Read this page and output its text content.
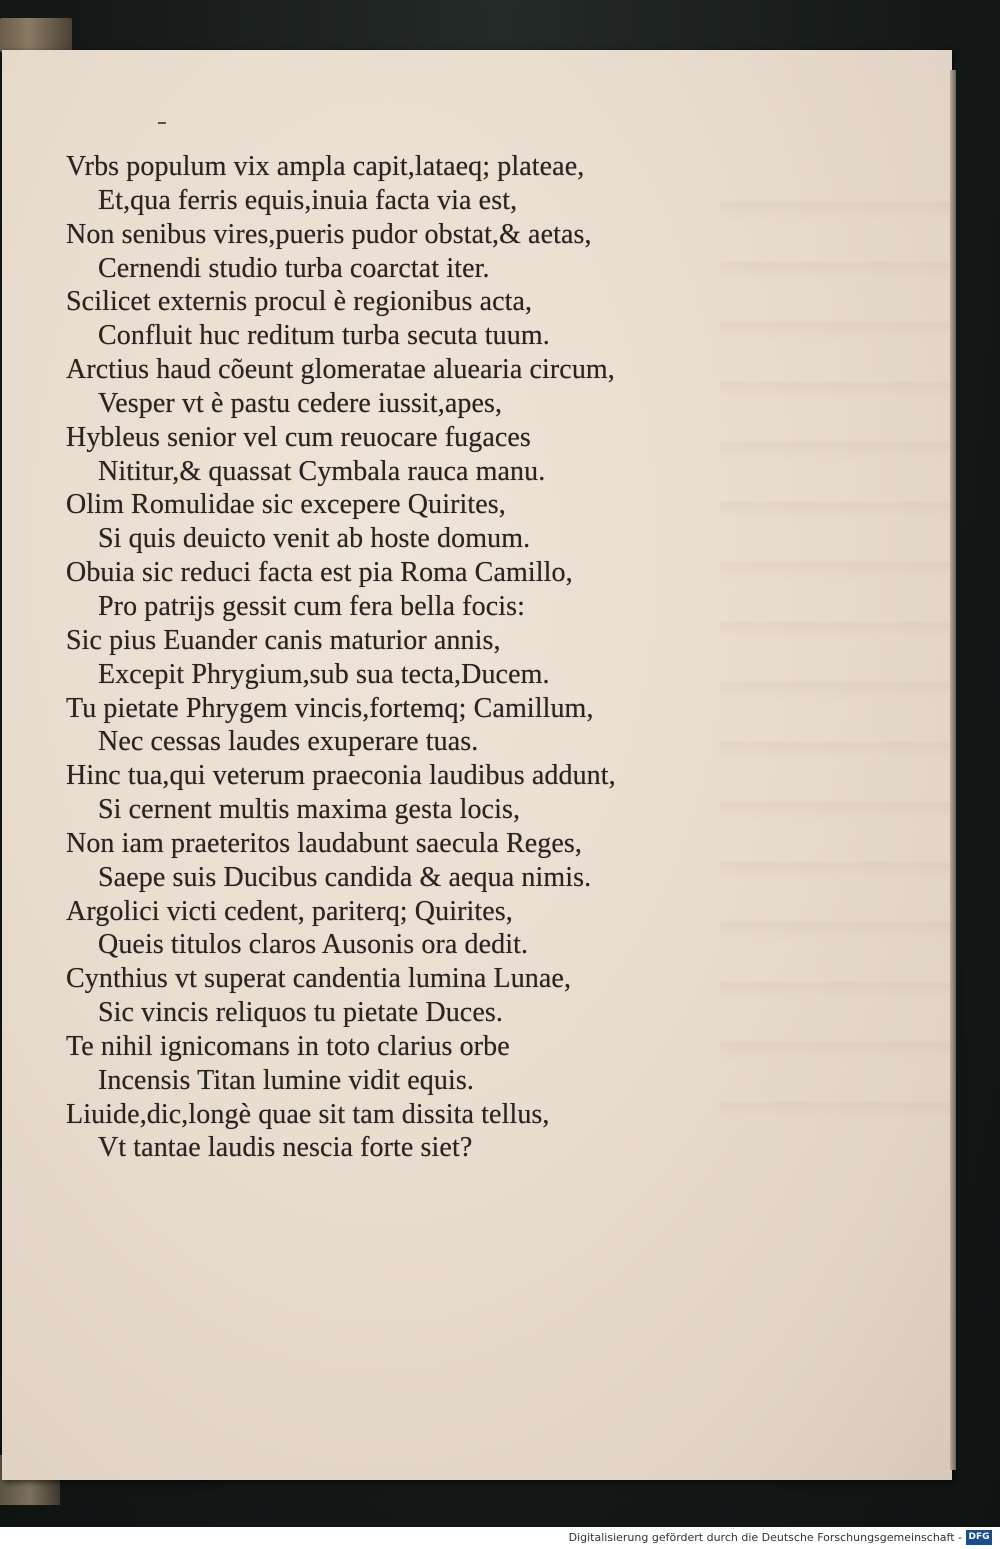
Vrbs populum vix ampla capit,lataeq; plateae,
Et,qua ferris equis,inuia facta via est,
Non senibus vires,pueris pudor obstat,& aetas,
Cernendi studio turba coarctat iter.
Scilicet externis procul è regionibus acta,
Confluit huc reditum turba secuta tuum.
Arctius haud cõeunt glomeratae aluearia circum,
Vesper vt è pastu cedere iussit,apes,
Hybleus senior vel cum reuocare fugaces
Nititur,& quassat Cymbala rauca manu.
Olim Romulidae sic excepere Quirites,
Si quis deuicto venit ab hoste domum.
Obuia sic reduci facta est pia Roma Camillo,
Pro patrijs gessit cum fera bella focis:
Sic pius Euander canis maturior annis,
Excepit Phrygium,sub sua tecta,Ducem.
Tu pietate Phrygem vincis,fortemq; Camillum,
Nec cessas laudes exuperare tuas.
Hinc tua,qui veterum praeconia laudibus addunt,
Si cernent multis maxima gesta locis,
Non iam praeteritos laudabunt saecula Reges,
Saepe suis Ducibus candida & aequa nimis.
Argolici victi cedent, pariterq; Quirites,
Queis titulos claros Ausonis ora dedit.
Cynthius vt superat candentia lumina Lunae,
Sic vincis reliquos tu pietate Duces.
Te nihil ignicomans in toto clarius orbe
Incensis Titan lumine vidit equis.
Liuide,dic,longè quae sit tam dissita tellus,
Vt tantae laudis nescia forte siet?
Digitalisierung gefördert durch die Deutsche Forschungsgemeinschaft - DFG
